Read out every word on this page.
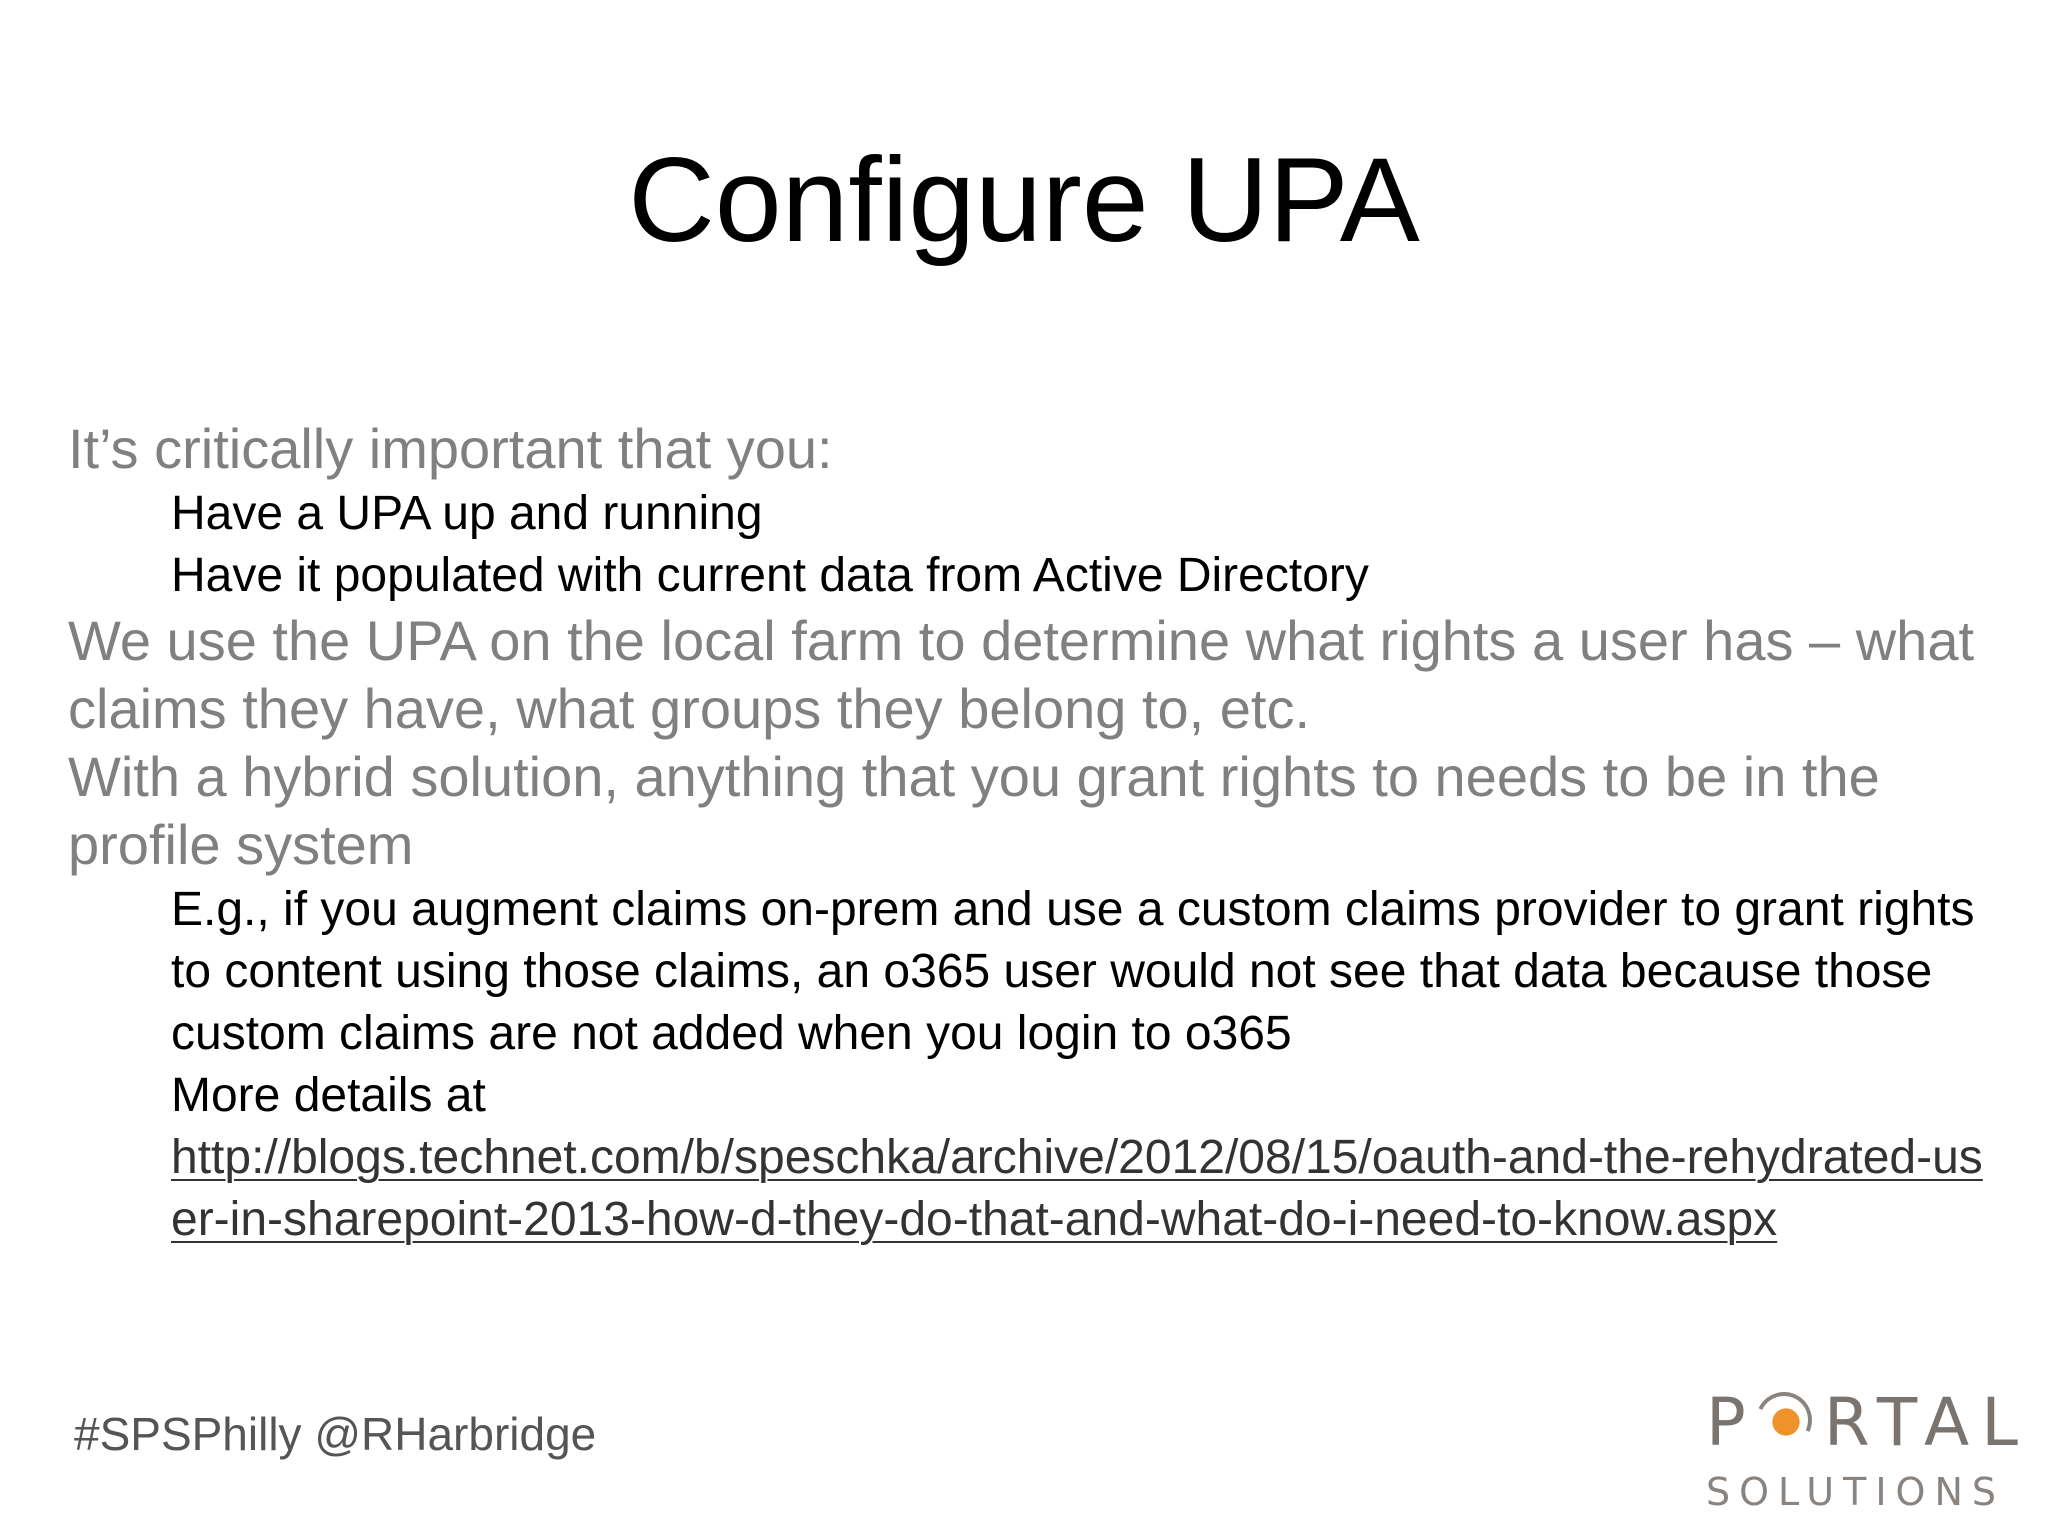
Configure UPA

It’s critically important that you:

Have a UPA up and running

Have it populated with current data from Active Directory

We use the UPA on the local farm to determine what rights a user has – what claims they have, what groups they belong to, etc.

With a hybrid solution, anything that you grant rights to needs to be in the profile system

E.g., if you augment claims on-prem and use a custom claims provider to grant rights to content using those claims, an o365 user would not see that data because those custom claims are not added when you login to o365

More details at
http://blogs.technet.com/b/speschka/archive/2012/08/15/oauth-and-the-rehydrated-user-in-sharepoint-2013-how-d-they-do-that-and-what-do-i-need-to-know.aspx

#SPSPhilly @RHarbridge	P RTAL
SOLUTIONS
